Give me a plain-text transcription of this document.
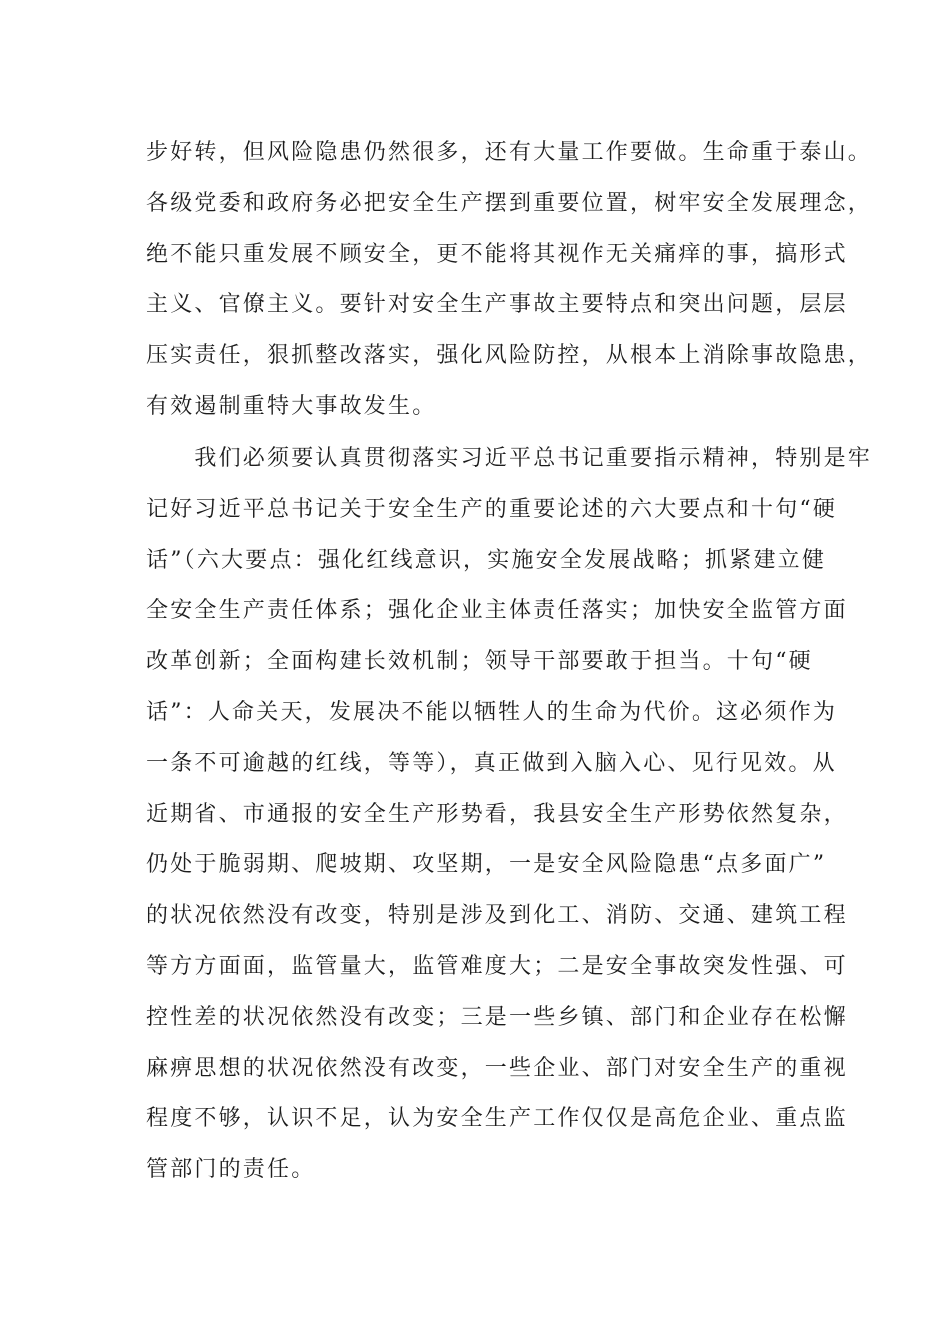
步好转，但风险隐患仍然很多，还有大量工作要做。生命重于泰山。
各级党委和政府务必把安全生产摆到重要位置，树牢安全发展理念，
绝不能只重发展不顾安全，更不能将其视作无关痛痒的事，搞形式
主义、官僚主义。要针对安全生产事故主要特点和突出问题，层层
压实责任，狠抓整改落实，强化风险防控，从根本上消除事故隐患，
有效遏制重特大事故发生。
　　我们必须要认真贯彻落实习近平总书记重要指示精神，特别是牢
记好习近平总书记关于安全生产的重要论述的六大要点和十句“硬
话”（六大要点：强化红线意识，实施安全发展战略；抓紧建立健
全安全生产责任体系；强化企业主体责任落实；加快安全监管方面
改革创新；全面构建长效机制；领导干部要敢于担当。十句“硬
话”：人命关天，发展决不能以牺牲人的生命为代价。这必须作为
一条不可逾越的红线，等等），真正做到入脑入心、见行见效。从
近期省、市通报的安全生产形势看，我县安全生产形势依然复杂，
仍处于脆弱期、爬坡期、攻坚期，一是安全风险隐患“点多面广”
的状况依然没有改变，特别是涉及到化工、消防、交通、建筑工程
等方方面面，监管量大，监管难度大；二是安全事故突发性强、可
控性差的状况依然没有改变；三是一些乡镇、部门和企业存在松懈
麻痹思想的状况依然没有改变，一些企业、部门对安全生产的重视
程度不够，认识不足，认为安全生产工作仅仅是高危企业、重点监
管部门的责任。
